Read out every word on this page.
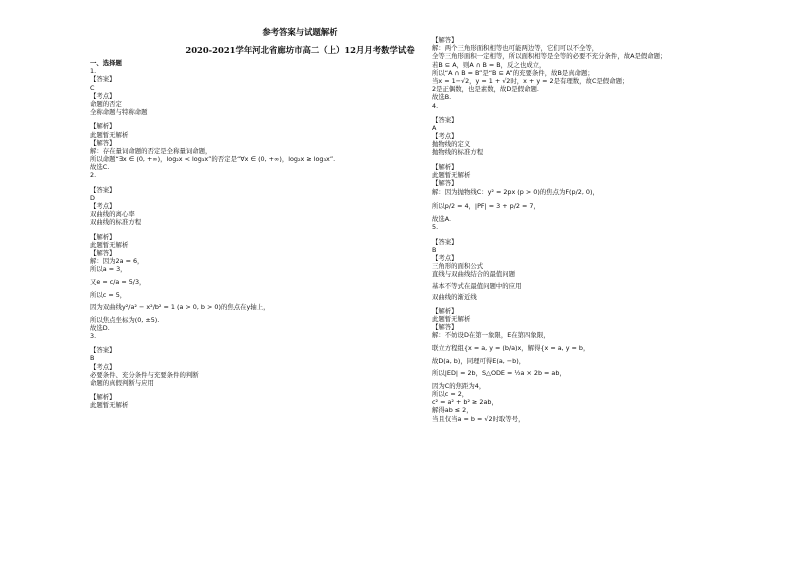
参考答案与试题解析
2020-2021学年河北省廊坊市高二（上）12月月考数学试卷
一、选择题
1.
【答案】
C
【考点】
命题的否定
全称命题与特称命题
【解析】
此题暂无解析
【解答】
解：存在量词命题的否定是全称量词命题，
所以命题“∃x ∈ (0, +∞)，log₂x < log₃x”的否定是“∀x ∈ (0, +∞)，log₂x ≥ log₃x”.
故选C.
2.
【答案】
D
【考点】
双曲线的离心率
双曲线的标准方程
【解析】
此题暂无解析
【解答】
解：因为2a = 6，
所以a = 3，
又e = c/a = 5/3，
所以c = 5，
因为双曲线y²/a² − x²/b² = 1 (a > 0, b > 0)的焦点在y轴上，
所以焦点坐标为(0, ±5).
故选D.
3.
【答案】
B
【考点】
必要条件、充分条件与充要条件的判断
命题的真假判断与应用
【解析】
此题暂无解析
【解答】
解：两个三角形面积相等也可能两边等，它们可以不全等，
全等三角形面积一定相等，所以面积相等是全等的必要不充分条件，故A是假命题；
若B ⊆ A，则A ∩ B = B，反之也成立，
所以“A ∩ B = B”是“B ⊆ A”的充要条件，故B是真命题；
当x = 1−√2，y = 1 + √2时，x + y = 2是有理数，故C是假命题；
2是正偶数，也是素数，故D是假命题.
故选B.
4.
【答案】
A
【考点】
抛物线的定义
抛物线的标准方程
【解析】
此题暂无解析
【解答】
解：因为抛物线C：y² = 2px (p > 0)的焦点为F(p/2, 0)，
所以p/2 = 4，|PF| = 3 + p/2 = 7，
故选A.
5.
【答案】
B
【考点】
三角形的面积公式
直线与双曲线结合的最值问题
基本不等式在最值问题中的应用
双曲线的渐近线
【解析】
此题暂无解析
【解答】
解：不妨设D在第一象限，E在第四象限，
联立方程组{x = a, y = (b/a)x，解得{x = a, y = b，
故D(a, b)，同理可得E(a, −b)，
所以|ED| = 2b，S△ODE = ½a × 2b = ab，
因为C的焦距为4，
所以c = 2，
c² = a² + b² ≥ 2ab，
解得ab ≤ 2，
当且仅当a = b = √2时取等号，
